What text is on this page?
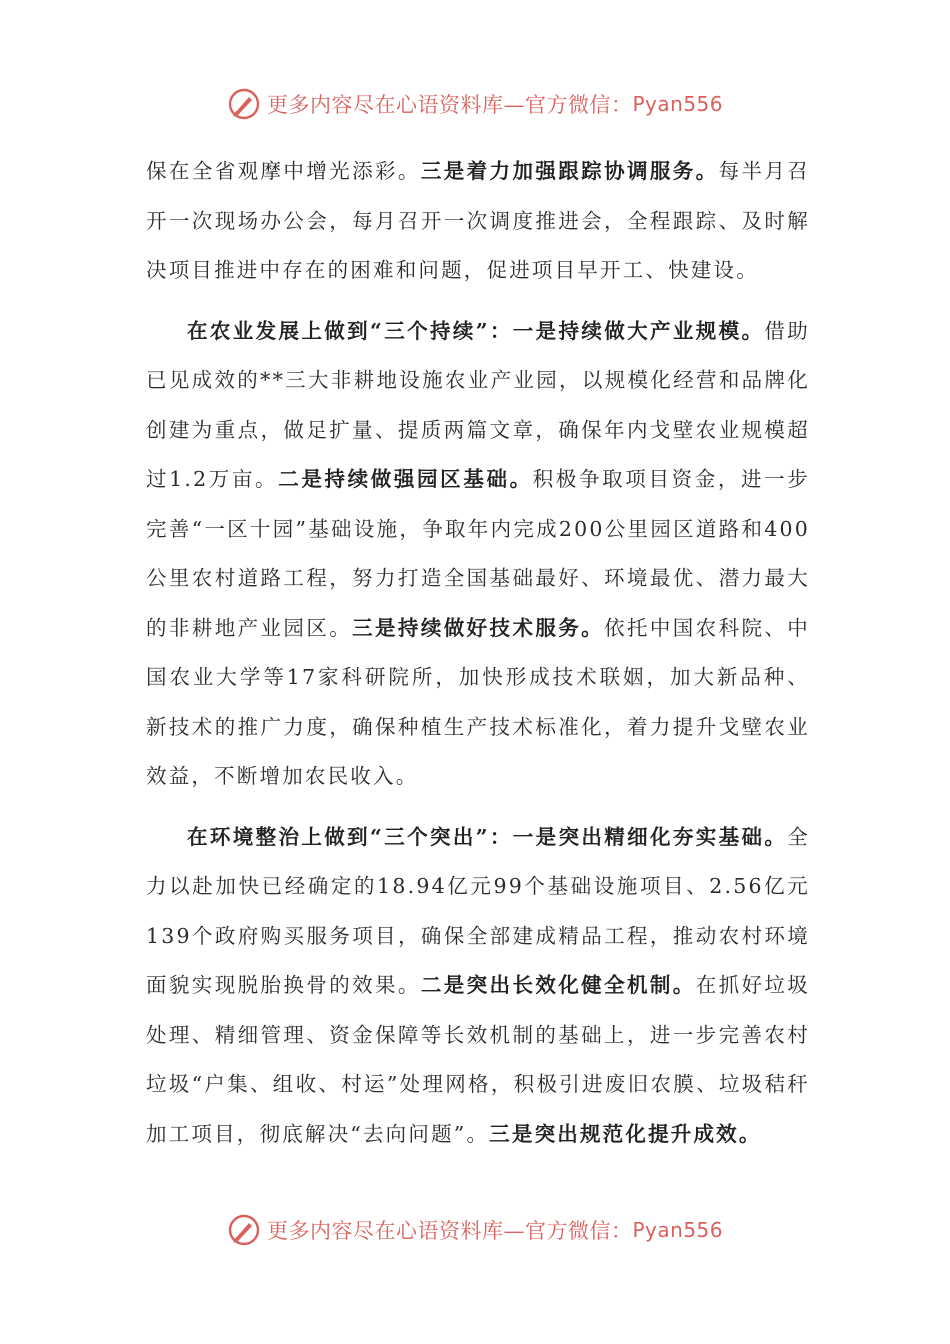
更多内容尽在心语资料库—官方微信： Pyan556

保在全省观摩中增光添彩。三是着力加强跟踪协调服务。每半月召开一次现场办公会，每月召开一次调度推进会，全程跟踪、及时解决项目推进中存在的困难和问题，促进项目早开工、快建设。

在农业发展上做到“三个持续”：一是持续做大产业规模。借助已见成效的**三大非耕地设施农业产业园，以规模化经营和品牌化创建为重点，做足扩量、提质两篇文章，确保年内戈壁农业规模超过1.2万亩。二是持续做强园区基础。积极争取项目资金，进一步完善“一区十园”基础设施，争取年内完成200公里园区道路和400公里农村道路工程，努力打造全国基础最好、环境最优、潜力最大的非耕地产业园区。三是持续做好技术服务。依托中国农科院、中国农业大学等17家科研院所，加快形成技术联姻，加大新品种、新技术的推广力度，确保种植生产技术标准化，着力提升戈壁农业效益，不断增加农民收入。

在环境整治上做到“三个突出”：一是突出精细化夯实基础。全力以赴加快已经确定的18.94亿元99个基础设施项目、2.56亿元139个政府购买服务项目，确保全部建成精品工程，推动农村环境面貌实现脱胎换骨的效果。二是突出长效化健全机制。在抓好垃圾处理、精细管理、资金保障等长效机制的基础上，进一步完善农村垃圾“户集、组收、村运”处理网格，积极引进废旧农膜、垃圾秸秆加工项目，彻底解决“去向问题”。三是突出规范化提升成效。

更多内容尽在心语资料库—官方微信： Pyan556
